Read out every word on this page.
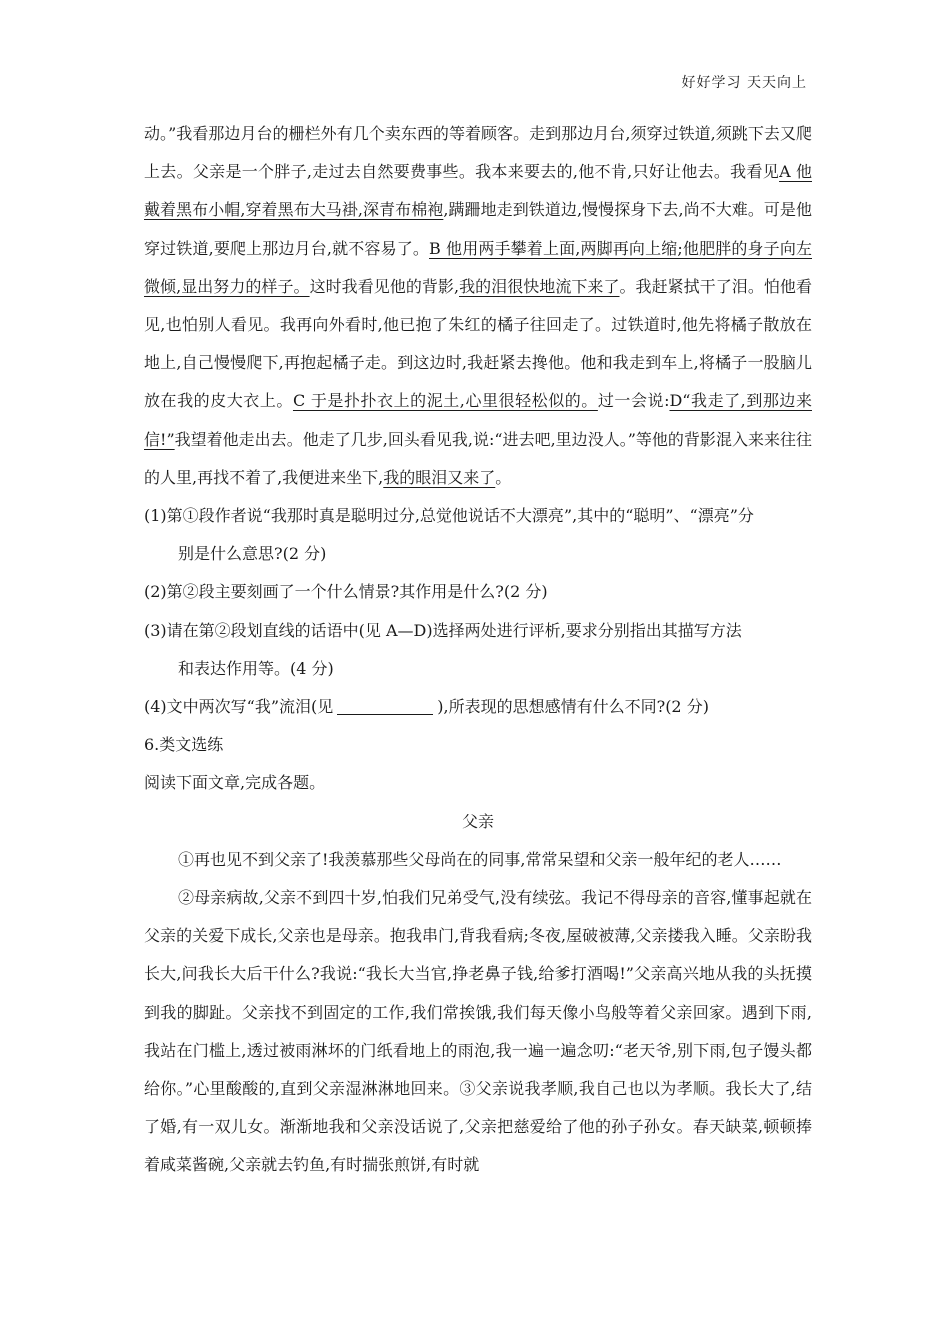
好好学习 天天向上

动。”我看那边月台的栅栏外有几个卖东西的等着顾客。走到那边月台,须穿过铁道,须跳下去又爬上去。父亲是一个胖子,走过去自然要费事些。我本来要去的,他不肯,只好让他去。我看见A 他戴着黑布小帽,穿着黑布大马褂,深青布棉袍,蹒跚地走到铁道边,慢慢探身下去,尚不大难。可是他穿过铁道,要爬上那边月台,就不容易了。B 他用两手攀着上面,两脚再向上缩;他肥胖的身子向左微倾,显出努力的样子。这时我看见他的背影,我的泪很快地流下来了。我赶紧拭干了泪。怕他看见,也怕别人看见。我再向外看时,他已抱了朱红的橘子往回走了。过铁道时,他先将橘子散放在地上,自己慢慢爬下,再抱起橘子走。到这边时,我赶紧去搀他。他和我走到车上,将橘子一股脑儿放在我的皮大衣上。C 于是扑扑衣上的泥土,心里很轻松似的。过一会说:D“我走了,到那边来信!”我望着他走出去。他走了几步,回头看见我,说:“进去吧,里边没人。”等他的背影混入来来往往的人里,再找不着了,我便进来坐下,我的眼泪又来了。

(1)第①段作者说“我那时真是聪明过分,总觉他说话不大漂亮”,其中的“聪明”、“漂亮”分
别是什么意思?(2 分)

(2)第②段主要刻画了一个什么情景?其作用是什么?(2 分)

(3)请在第②段划直线的话语中(见 A—D)选择两处进行评析,要求分别指出其描写方法
和表达作用等。(4 分)

(4)文中两次写“我”流泪(见	),所表现的思想感情有什么不同?(2 分)

6.类文选练

阅读下面文章,完成各题。

父亲

①再也见不到父亲了!我羡慕那些父母尚在的同事,常常呆望和父亲一般年纪的老人……

②母亲病故,父亲不到四十岁,怕我们兄弟受气,没有续弦。我记不得母亲的音容,懂事起就在父亲的关爱下成长,父亲也是母亲。抱我串门,背我看病;冬夜,屋破被薄,父亲搂我入睡。父亲盼我长大,问我长大后干什么?我说:“我长大当官,挣老鼻子钱,给爹打酒喝!”父亲高兴地从我的头抚摸到我的脚趾。父亲找不到固定的工作,我们常挨饿,我们每天像小鸟般等着父亲回家。遇到下雨,我站在门槛上,透过被雨淋坏的门纸看地上的雨泡,我一遍一遍念叨:“老天爷,别下雨,包子馒头都给你。”心里酸酸的,直到父亲湿淋淋地回来。③父亲说我孝顺,我自己也以为孝顺。我长大了,结了婚,有一双儿女。渐渐地我和父亲没话说了,父亲把慈爱给了他的孙子孙女。春天缺菜,顿顿捧着咸菜酱碗,父亲就去钓鱼,有时揣张煎饼,有时就
